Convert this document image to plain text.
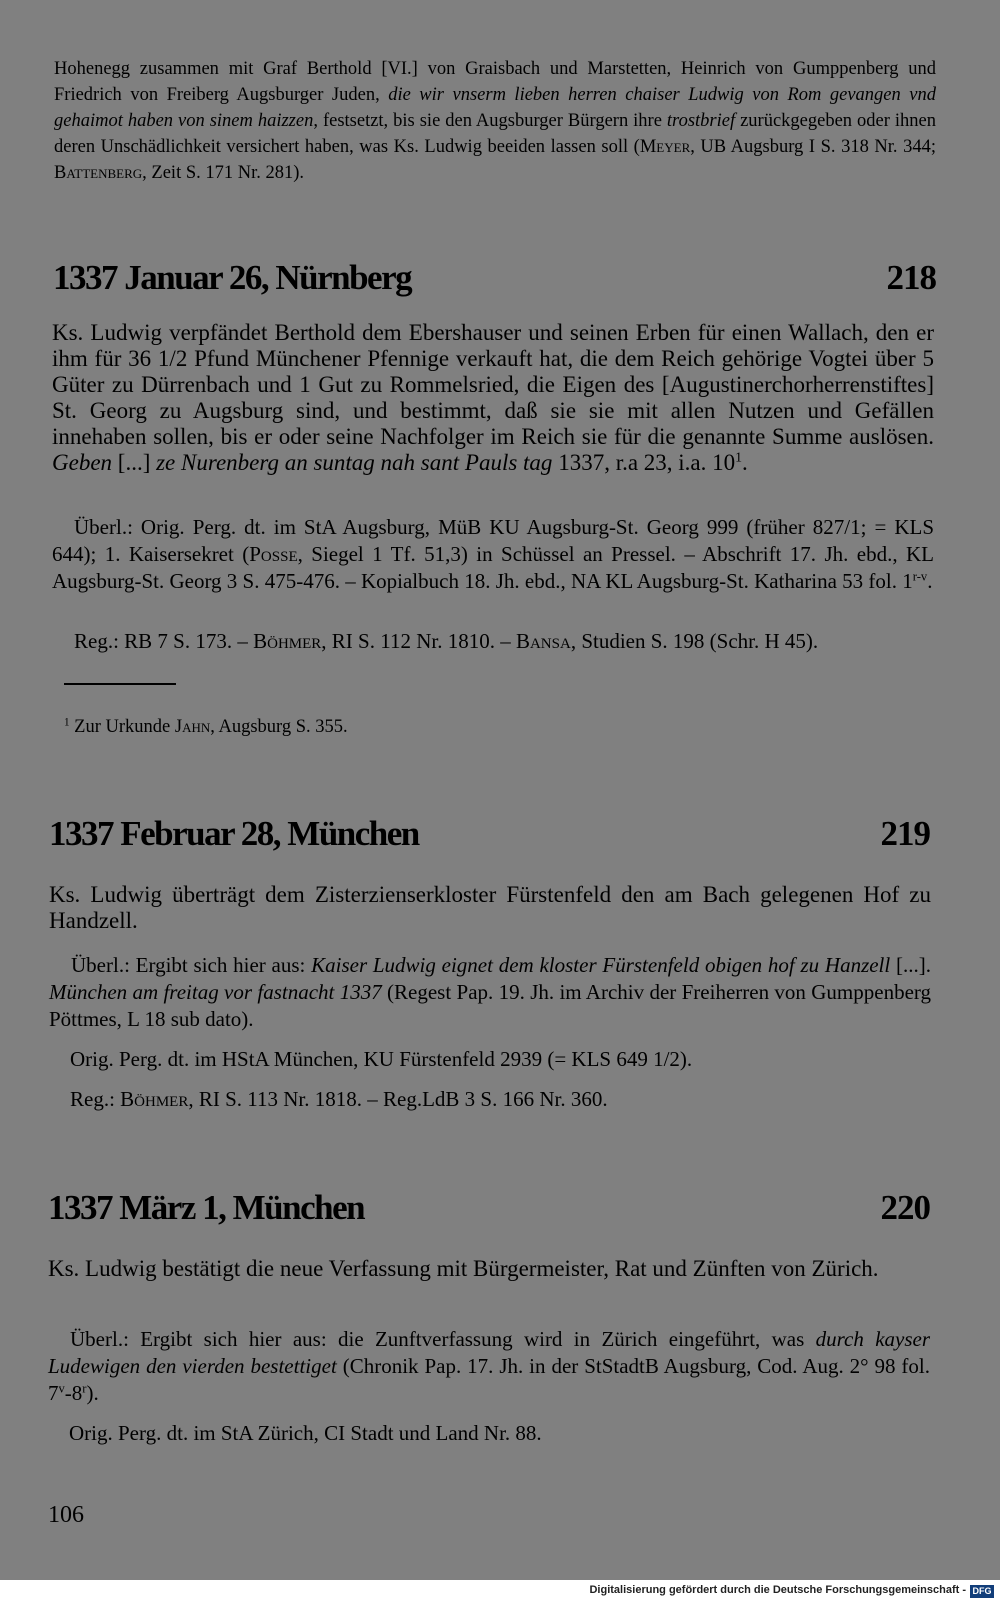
Hohenegg zusammen mit Graf Berthold [VI.] von Graisbach und Marstetten, Heinrich von Gumppenberg und Friedrich von Freiberg Augsburger Juden, die wir vnserm lieben herren chaiser Ludwig von Rom gevangen vnd gehaimot haben von sinem haizzen, festsetzt, bis sie den Augsburger Bürgern ihre trostbrief zurückgegeben oder ihnen deren Unschädlichkeit versichert haben, was Ks. Ludwig beeiden lassen soll (Meyer, UB Augsburg I S. 318 Nr. 344; Battenberg, Zeit S. 171 Nr. 281).

1337 Januar 26, Nürnberg	218

Ks. Ludwig verpfändet Berthold dem Ebershauser und seinen Erben für einen Wallach, den er ihm für 36 1/2 Pfund Münchener Pfennige verkauft hat, die dem Reich gehörige Vogtei über 5 Güter zu Dürrenbach und 1 Gut zu Rommelsried, die Eigen des [Augustinerchorherrenstiftes] St. Georg zu Augsburg sind, und bestimmt, daß sie sie mit allen Nutzen und Gefällen innehaben sollen, bis er oder seine Nachfolger im Reich sie für die genannte Summe auslösen. Geben [...] ze Nurenberg an suntag nah sant Pauls tag 1337, r.a 23, i.a. $10^1$.

Überl.: Orig. Perg. dt. im StA Augsburg, MüB KU Augsburg-St. Georg 999 (früher 827/1; = KLS 644); 1. Kaisersekret (Posse, Siegel 1 Tf. 51,3) in Schüssel an Pressel. – Abschrift 17. Jh. ebd., KL Augsburg-St. Georg 3 S. 475-476. – Kopialbuch 18. Jh. ebd., NA KL Augsburg-St. Katharina 53 fol. 1$^{r-v}$.

Reg.: RB 7 S. 173. – Böhmer, RI S. 112 Nr. 1810. – Bansa, Studien S. 198 (Schr. H 45).

$^1$ Zur Urkunde Jahn, Augsburg S. 355.

1337 Februar 28, München	219

Ks. Ludwig überträgt dem Zisterzienserkloster Fürstenfeld den am Bach gelegenen Hof zu Handzell.

Überl.: Ergibt sich hier aus: Kaiser Ludwig eignet dem kloster Fürstenfeld obigen hof zu Hanzell [...]. München am freitag vor fastnacht 1337 (Regest Pap. 19. Jh. im Archiv der Freiherren von Gumppenberg Pöttmes, L 18 sub dato).

Orig. Perg. dt. im HStA München, KU Fürstenfeld 2939 (= KLS 649 1/2).

Reg.: Böhmer, RI S. 113 Nr. 1818. – Reg.LdB 3 S. 166 Nr. 360.

1337 März 1, München	220

Ks. Ludwig bestätigt die neue Verfassung mit Bürgermeister, Rat und Zünften von Zürich.

Überl.: Ergibt sich hier aus: die Zunftverfassung wird in Zürich eingeführt, was durch kayser Ludewigen den vierden bestettiget (Chronik Pap. 17. Jh. in der StStadtB Augsburg, Cod. Aug. 2° 98 fol. 7$^v$-8$^r$).

Orig. Perg. dt. im StA Zürich, CI Stadt und Land Nr. 88.

106

Digitalisierung gefördert durch die Deutsche Forschungsgemeinschaft - DFG
